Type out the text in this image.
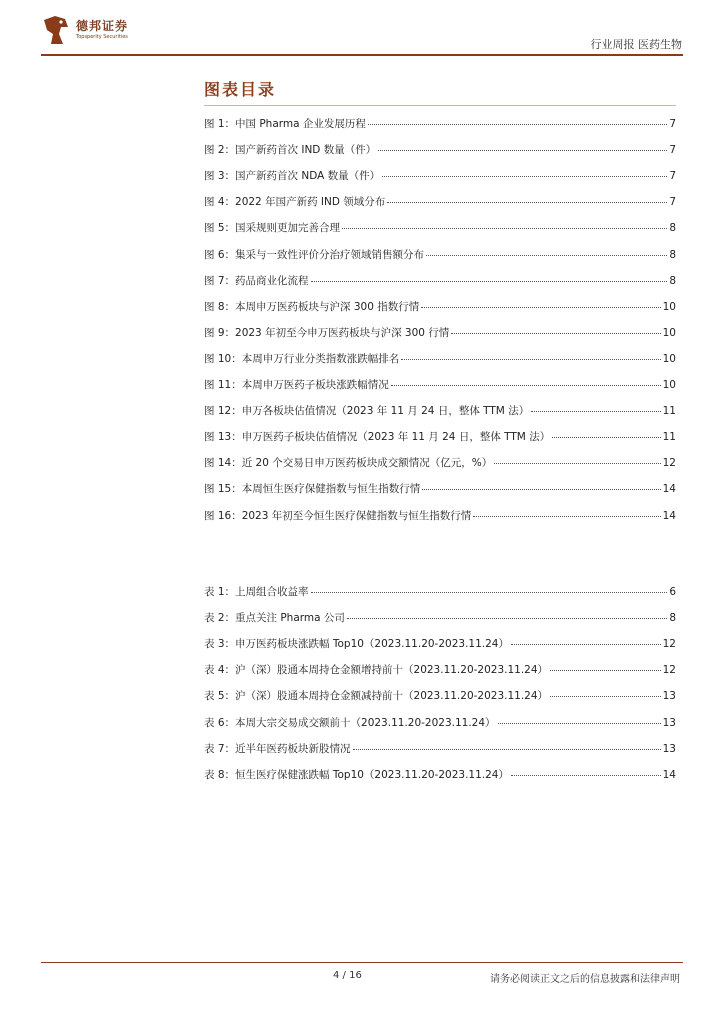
德邦证券
Topsperity Securities
行业周报 医药生物
图表目录
图 1：中国 Pharma 企业发展历程	7
图 2：国产新药首次 IND 数量（件）	7
图 3：国产新药首次 NDA 数量（件）	7
图 4：2022 年国产新药 IND 领域分布	7
图 5：国采规则更加完善合理	8
图 6：集采与一致性评价分治疗领域销售额分布	8
图 7：药品商业化流程	8
图 8：本周申万医药板块与沪深 300 指数行情	10
图 9：2023 年初至今申万医药板块与沪深 300 行情	10
图 10：本周申万行业分类指数涨跌幅排名	10
图 11：本周申万医药子板块涨跌幅情况	10
图 12：申万各板块估值情况（2023 年 11 月 24 日，整体 TTM 法）	11
图 13：申万医药子板块估值情况（2023 年 11 月 24 日，整体 TTM 法）	11
图 14：近 20 个交易日申万医药板块成交额情况（亿元，%）	12
图 15：本周恒生医疗保健指数与恒生指数行情	14
图 16：2023 年初至今恒生医疗保健指数与恒生指数行情	14
表 1：上周组合收益率	6
表 2：重点关注 Pharma 公司	8
表 3：申万医药板块涨跌幅 Top10（2023.11.20-2023.11.24）	12
表 4：沪（深）股通本周持仓金额增持前十（2023.11.20-2023.11.24）	12
表 5：沪（深）股通本周持仓金额减持前十（2023.11.20-2023.11.24）	13
表 6：本周大宗交易成交额前十（2023.11.20-2023.11.24）	13
表 7：近半年医药板块新股情况	13
表 8：恒生医疗保健涨跌幅 Top10（2023.11.20-2023.11.24）	14
4 / 16	请务必阅读正文之后的信息披露和法律声明
